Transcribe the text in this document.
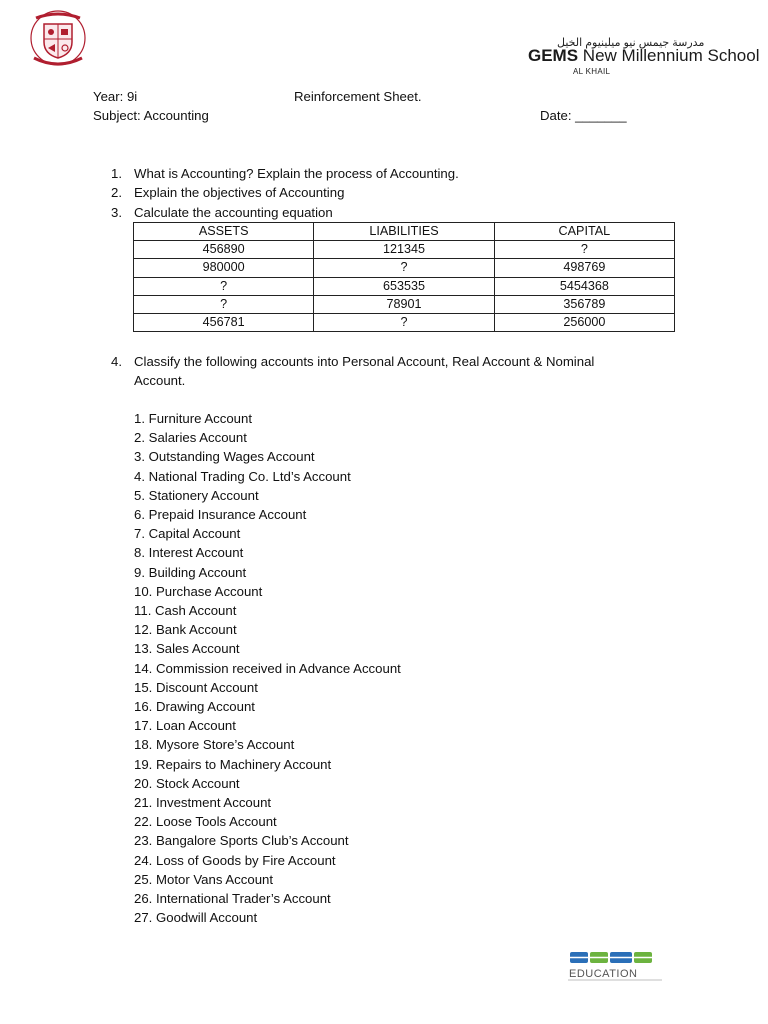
مدرسة جيمس نيو ميلينيوم الخيل
GEMS New Millennium School
AL KHAIL
Year: 9i	Reinforcement Sheet.
Subject: Accounting	Date: _______
1. What is Accounting? Explain the process of Accounting.
2. Explain the objectives of Accounting
3. Calculate the accounting equation
ASSETS	LIABILITIES	CAPITAL
456890	121345	?
980000	?	498769
?	653535	5454368
?	78901	356789
456781	?	256000
4. Classify the following accounts into Personal Account, Real Account & Nominal
Account.
1. Furniture Account
2. Salaries Account
3. Outstanding Wages Account
4. National Trading Co. Ltd’s Account
5. Stationery Account
6. Prepaid Insurance Account
7. Capital Account
8. Interest Account
9. Building Account
10. Purchase Account
11. Cash Account
12. Bank Account
13. Sales Account
14. Commission received in Advance Account
15. Discount Account
16. Drawing Account
17. Loan Account
18. Mysore Store’s Account
19. Repairs to Machinery Account
20. Stock Account
21. Investment Account
22. Loose Tools Account
23. Bangalore Sports Club’s Account
24. Loss of Goods by Fire Account
25. Motor Vans Account
26. International Trader’s Account
27. Goodwill Account
EDUCATION
